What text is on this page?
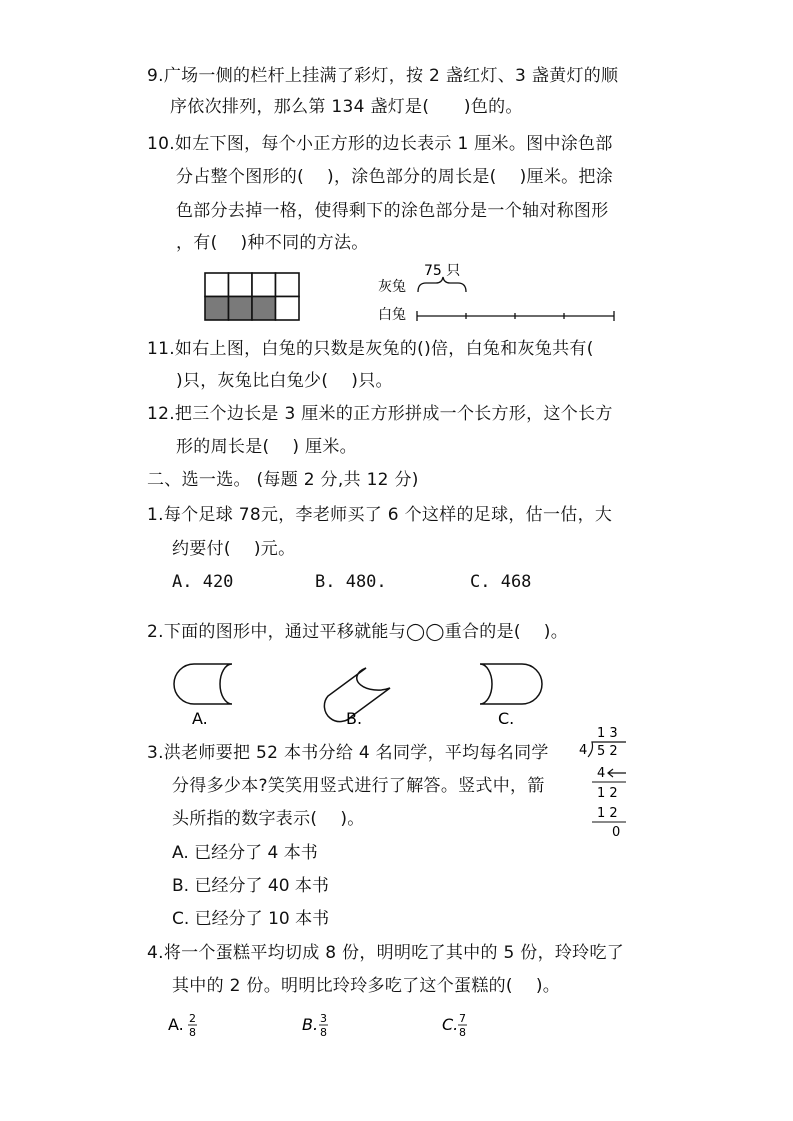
9.广场一侧的栏杆上挂满了彩灯，按 2 盏红灯、3 盏黄灯的顺
序依次排列，那么第 134 盏灯是(　　)色的。
10.如左下图，每个小正方形的边长表示 1 厘米。图中涂色部
分占整个图形的(　 )，涂色部分的周长是(　 )厘米。把涂
色部分去掉一格，使得剩下的涂色部分是一个轴对称图形
，有(　 )种不同的方法。
75 只
灰兔
白兔
11.如右上图，白兔的只数是灰兔的()倍，白兔和灰兔共有(
)只，灰兔比白兔少(　 )只。
12.把三个边长是 3 厘米的正方形拼成一个长方形，这个长方
形的周长是(　 ) 厘米。
二、选一选。 (每题 2 分,共 12 分)
1.每个足球 78元，李老师买了 6 个这样的足球，估一估，大
约要付(　 )元。
A. 420	B. 480.	C. 468
2.下面的图形中，通过平移就能与◯◯重合的是(　 )。
A.	B.	C.
3.洪老师要把 52 本书分给 4 名同学，平均每名同学
分得多少本?笑笑用竖式进行了解答。竖式中，箭
头所指的数字表示(　 )。
A. 已经分了 4 本书
B. 已经分了 40 本书
C. 已经分了 10 本书
1 3
4 5 2
4
1 2
1 2
0
4.将一个蛋糕平均切成 8 份，明明吃了其中的 5 份，玲玲吃了
其中的 2 份。明明比玲玲多吃了这个蛋糕的(　 )。
A. 2
8	B. 3
8	C. 7
8
